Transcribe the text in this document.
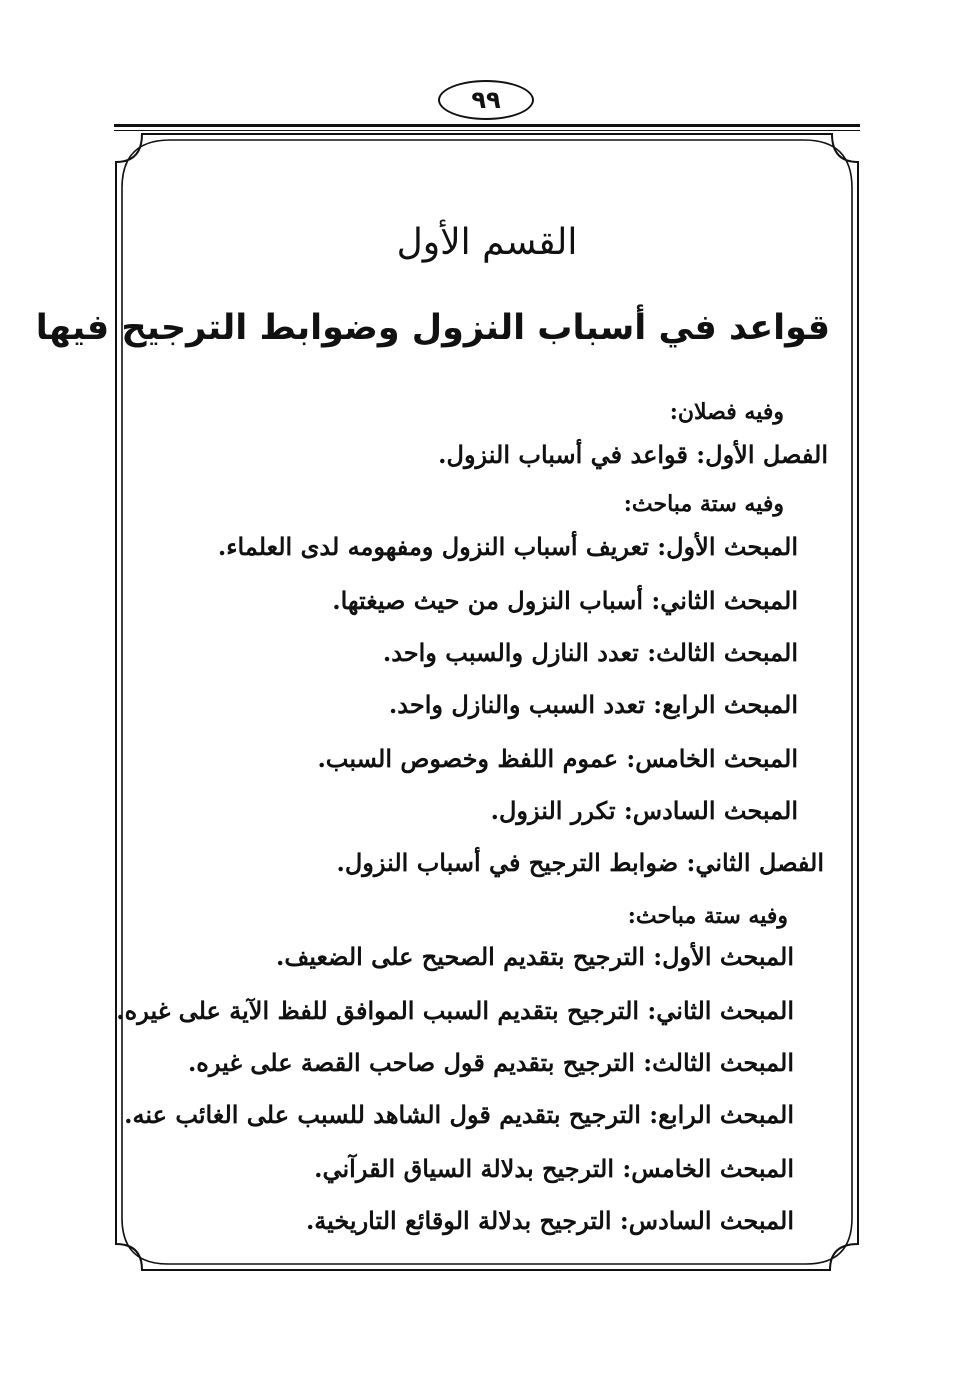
٩٩
القسم الأول
قواعد في أسباب النزول وضوابط الترجيح فيها
وفيه فصلان:
الفصل الأول: قواعد في أسباب النزول.
وفيه ستة مباحث:
المبحث الأول: تعريف أسباب النزول ومفهومه لدى العلماء.
المبحث الثاني: أسباب النزول من حيث صيغتها.
المبحث الثالث: تعدد النازل والسبب واحد.
المبحث الرابع: تعدد السبب والنازل واحد.
المبحث الخامس: عموم اللفظ وخصوص السبب.
المبحث السادس: تكرر النزول.
الفصل الثاني: ضوابط الترجيح في أسباب النزول.
وفيه ستة مباحث:
المبحث الأول: الترجيح بتقديم الصحيح على الضعيف.
المبحث الثاني: الترجيح بتقديم السبب الموافق للفظ الآية على غيره.
المبحث الثالث: الترجيح بتقديم قول صاحب القصة على غيره.
المبحث الرابع: الترجيح بتقديم قول الشاهد للسبب على الغائب عنه.
المبحث الخامس: الترجيح بدلالة السياق القرآني.
المبحث السادس: الترجيح بدلالة الوقائع التاريخية.
